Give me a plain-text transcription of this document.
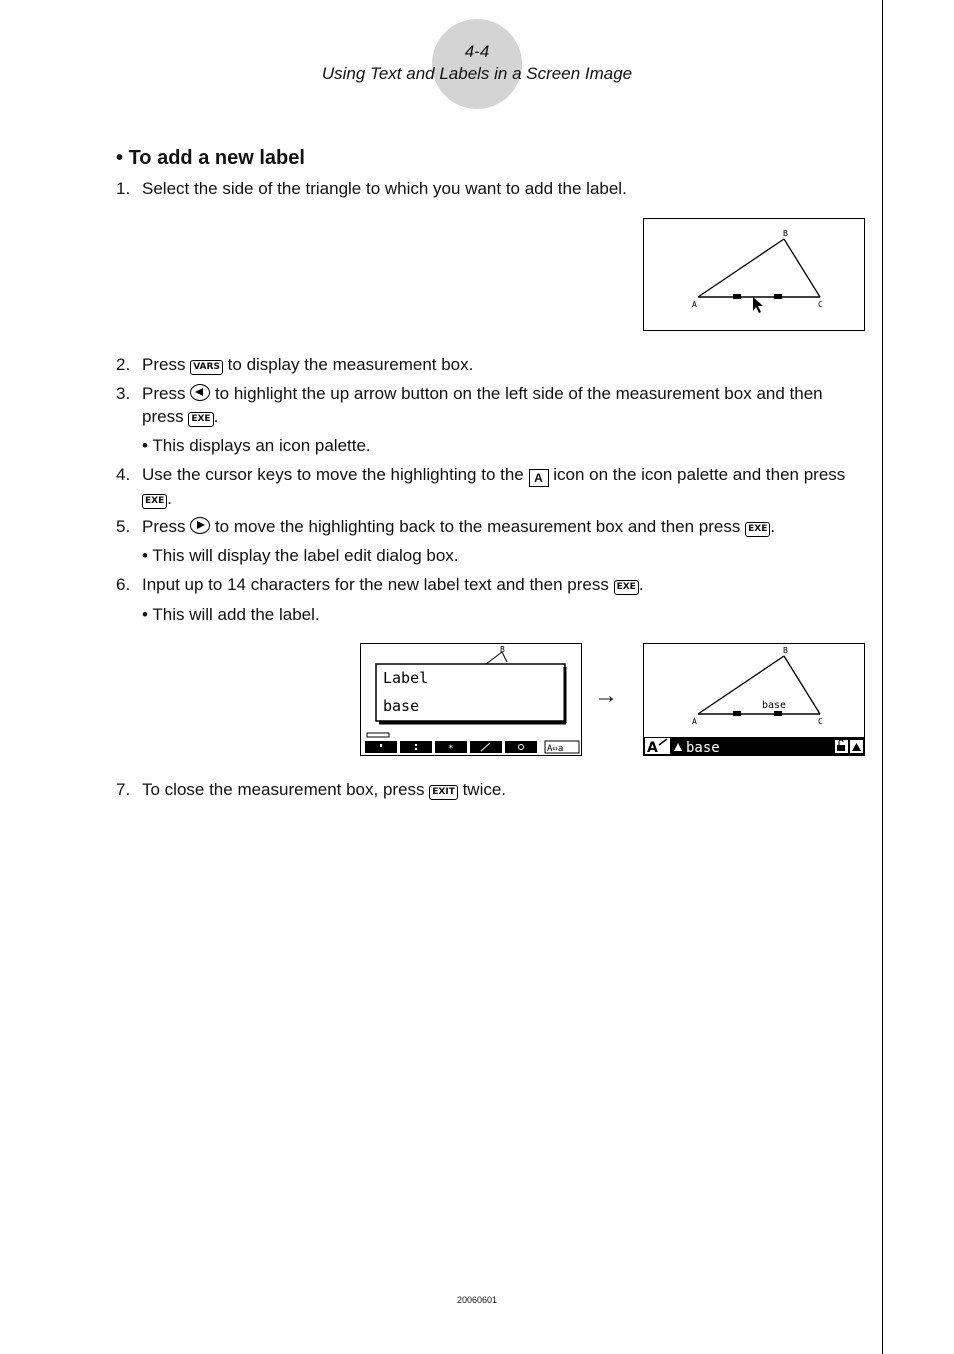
4-4
Using Text and Labels in a Screen Image
• To add a new label
1. Select the side of the triangle to which you want to add the label.
A
B
C
2. Press VARS to display the measurement box.
3. Press to highlight the up arrow button on the left side of the measurement box and then press EXE .
• This displays an icon palette.
4. Use the cursor keys to move the highlighting to the A icon on the icon palette and then press EXE .
5. Press to move the highlighting back to the measurement box and then press EXE .
• This will display the label edit dialog box.
6. Input up to 14 characters for the new label text and then press EXE .
• This will add the label.
B
Label
base
*	A⇔a
→	base
A
B
C
A base
7. To close the measurement box, press EXIT twice.
20060601
